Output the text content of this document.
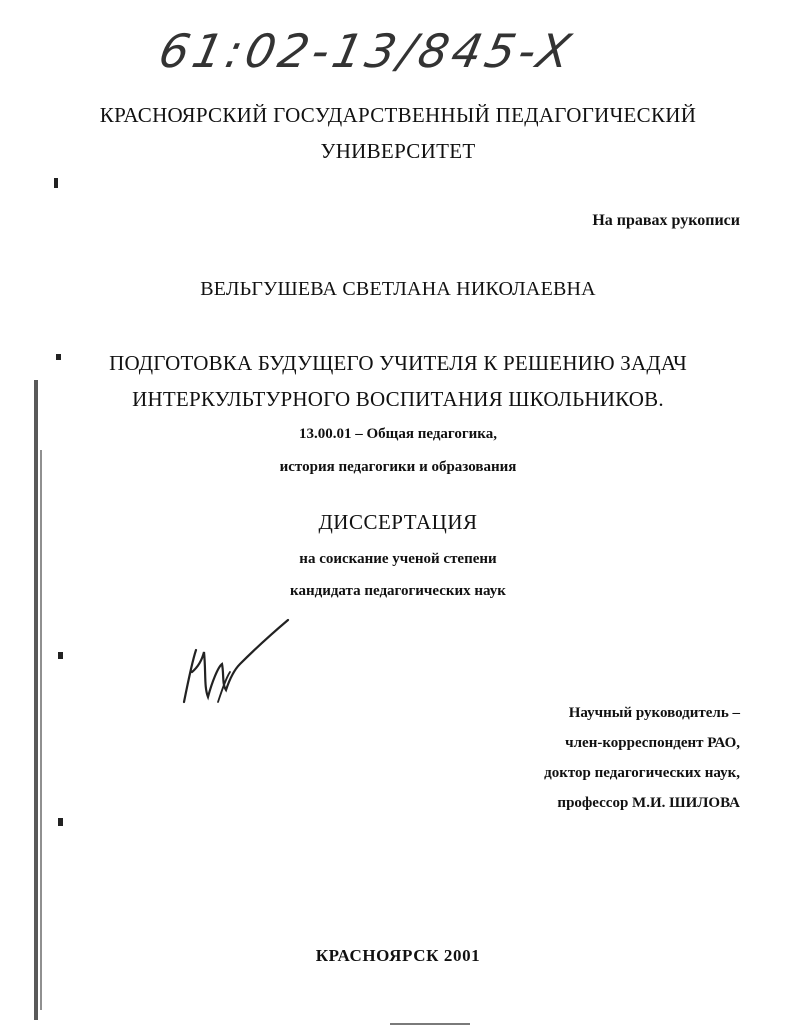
61:02-13/845-X
КРАСНОЯРСКИЙ ГОСУДАРСТВЕННЫЙ ПЕДАГОГИЧЕСКИЙ
УНИВЕРСИТЕТ
На правах рукописи
ВЕЛЬГУШЕВА СВЕТЛАНА НИКОЛАЕВНА
ПОДГОТОВКА БУДУЩЕГО УЧИТЕЛЯ К РЕШЕНИЮ ЗАДАЧ
ИНТЕРКУЛЬТУРНОГО ВОСПИТАНИЯ ШКОЛЬНИКОВ.
13.00.01 – Общая педагогика,
история педагогики и образования
ДИССЕРТАЦИЯ
на соискание ученой степени
кандидата педагогических наук
Научный руководитель –
член-корреспондент РАО,
доктор педагогических наук,
профессор М.И. ШИЛОВА
КРАСНОЯРСК 2001
